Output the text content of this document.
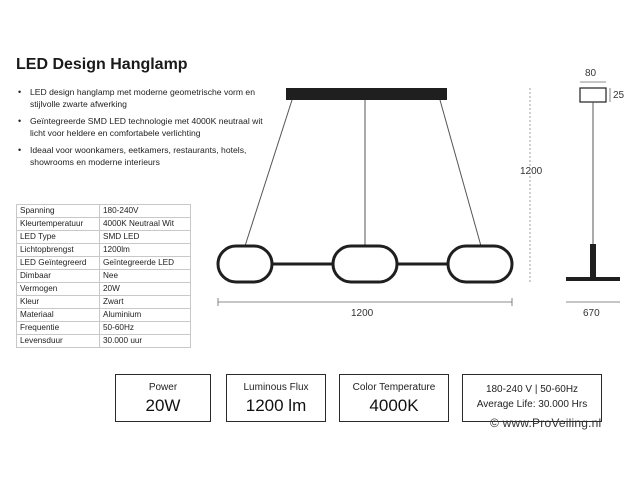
LED Design Hanglamp
• LED design hanglamp met moderne geometrische vorm en stijlvolle zwarte afwerking
• Geïntegreerde SMD LED technologie met 4000K neutraal wit licht voor heldere en comfortabele verlichting
• Ideaal voor woonkamers, eetkamers, restaurants, hotels, showrooms en moderne interieurs
Spanning	180-240V
Kleurtemperatuur	4000K Neutraal Wit
LED Type	SMD LED
Lichtopbrengst	1200lm
LED Geïntegreerd	Geïntegreerde LED
Dimbaar	Nee
Vermogen	20W
Kleur	Zwart
Materiaal	Aluminium
Frequentie	50-60Hz
Levensduur	30.000 uur
1200
1200
80
25
670
Power
20W
Luminous Flux
1200 lm
Color Temperature
4000K
180-240 V | 50-60Hz
Average Life: 30.000 Hrs
© www.ProVeiling.nl
